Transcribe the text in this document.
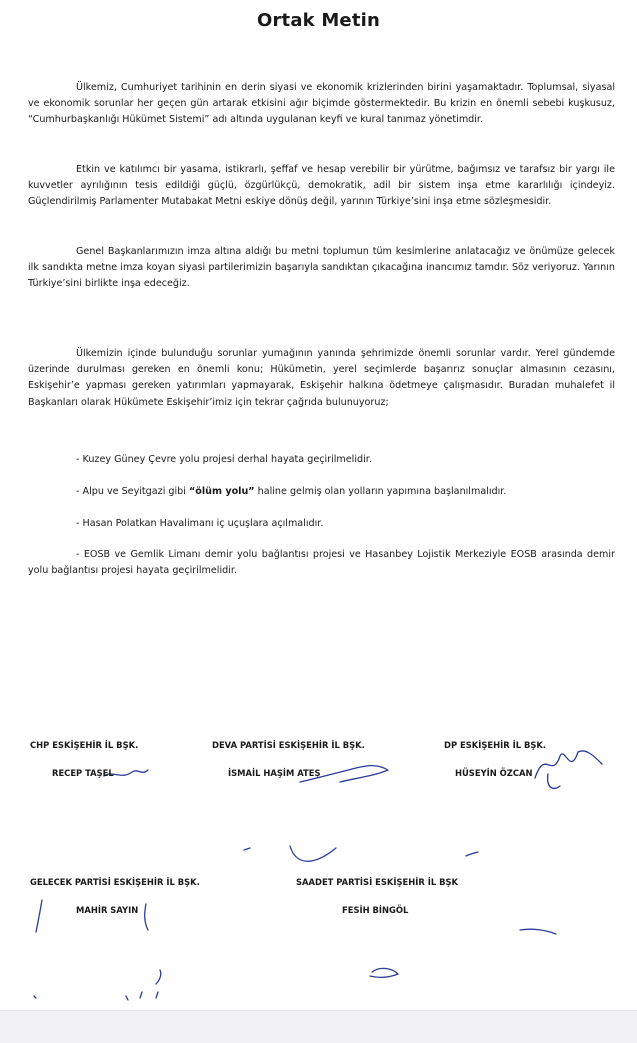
Ortak Metin

Ülkemiz, Cumhuriyet tarihinin en derin siyasi ve ekonomik krizlerinden birini yaşamaktadır. Toplumsal, siyasal ve ekonomik sorunlar her geçen gün artarak etkisini ağır biçimde göstermektedir. Bu krizin en önemli sebebi kuşkusuz, “Cumhurbaşkanlığı Hükümet Sistemi” adı altında uygulanan keyfi ve kural tanımaz yönetimdir.

Etkin ve katılımcı bir yasama, istikrarlı, şeffaf ve hesap verebilir bir yürütme, bağımsız ve tarafsız bir yargı ile kuvvetler ayrılığının tesis edildiği güçlü, özgürlükçü, demokratik, adil bir sistem inşa etme kararlılığı içindeyiz. Güçlendirilmiş Parlamenter Mutabakat Metni eskiye dönüş değil, yarının Türkiye’sini inşa etme sözleşmesidir.

Genel Başkanlarımızın imza altına aldığı bu metni toplumun tüm kesimlerine anlatacağız ve önümüze gelecek ilk sandıkta metne imza koyan siyasi partilerimizin başarıyla sandıktan çıkacağına inancımız tamdır. Söz veriyoruz. Yarının Türkiye’sini birlikte inşa edeceğiz.

Ülkemizin içinde bulunduğu sorunlar yumağının yanında şehrimizde önemli sorunlar vardır. Yerel gündemde üzerinde durulması gereken en önemli konu; Hükümetin, yerel seçimlerde başarırız sonuçlar almasının cezasını, Eskişehir’e yapması gereken yatırımları yapmayarak, Eskişehir halkına ödetmeye çalışmasıdır. Buradan muhalefet il Başkanları olarak Hükümete Eskişehir’imiz için tekrar çağrıda bulunuyoruz;

- Kuzey Güney Çevre yolu projesi derhal hayata geçirilmelidir.
- Alpu ve Seyitgazi gibi “ölüm yolu” haline gelmiş olan yolların yapımına başlanılmalıdır.
- Hasan Polatkan Havalimanı iç uçuşlara açılmalıdır.
- EOSB ve Gemlik Limanı demir yolu bağlantısı projesi ve Hasanbey Lojistik Merkeziyle EOSB arasında demir yolu bağlantısı projesi hayata geçirilmelidir.
CHP ESKİŞEHİR İL BŞK.
RECEP TAŞEL
DEVA PARTİSİ ESKİŞEHİR İL BŞK.
İSMAİL HAŞİM ATEŞ
DP ESKİŞEHİR İL BŞK.
HÜSEYİN ÖZCAN
GELECEK PARTİSİ ESKİŞEHİR İL BŞK.
MAHİR SAYIN
SAADET PARTİSİ ESKİŞEHİR İL BŞK
FESİH BİNGÖL
